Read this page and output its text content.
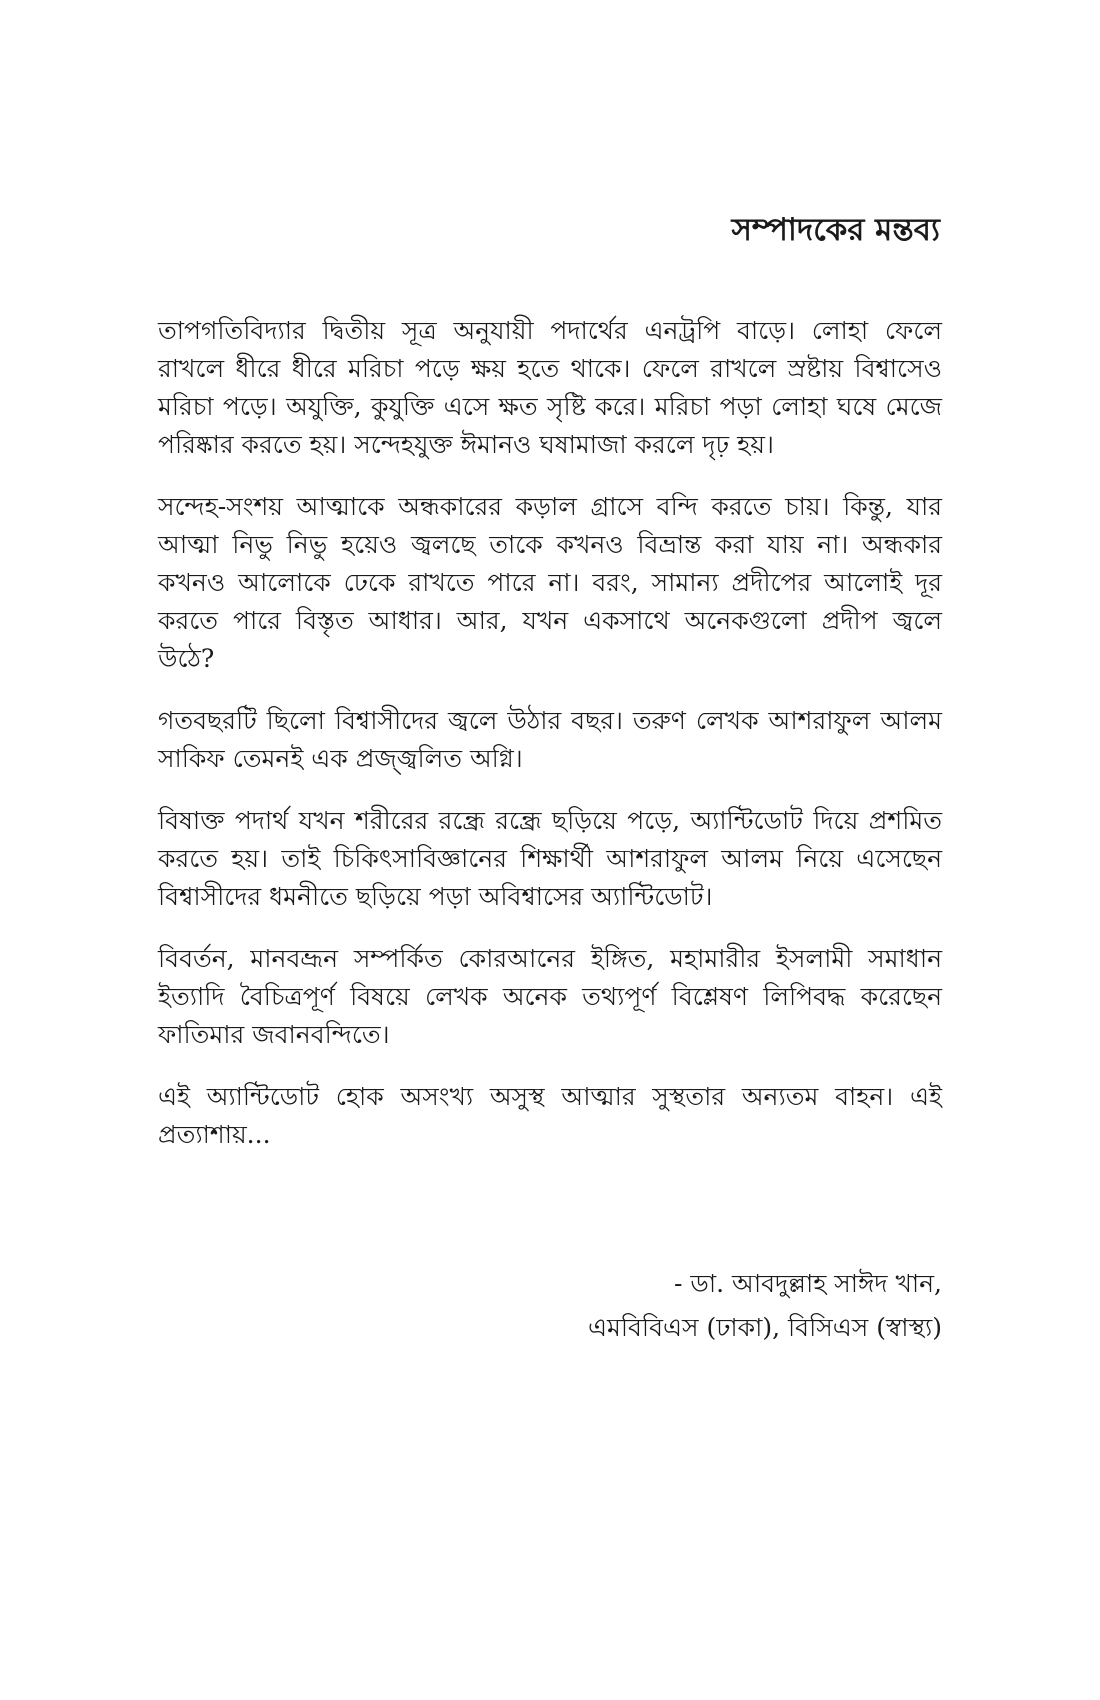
সম্পাদকের মন্তব্য

তাপগতিবিদ্যার দ্বিতীয় সূত্র অনুযায়ী পদার্থের এনট্রপি বাড়ে। লোহা ফেলে রাখলে ধীরে ধীরে মরিচা পড়ে ক্ষয় হতে থাকে। ফেলে রাখলে স্রষ্টায় বিশ্বাসেও মরিচা পড়ে। অযুক্তি, কুযুক্তি এসে ক্ষত সৃষ্টি করে। মরিচা পড়া লোহা ঘষে মেজে পরিষ্কার করতে হয়। সন্দেহযুক্ত ঈমানও ঘষামাজা করলে দৃঢ় হয়।

সন্দেহ-সংশয় আত্মাকে অন্ধকারের কড়াল গ্রাসে বন্দি করতে চায়। কিন্তু, যার আত্মা নিভু নিভু হয়েও জ্বলছে তাকে কখনও বিভ্রান্ত করা যায় না। অন্ধকার কখনও আলোকে ঢেকে রাখতে পারে না। বরং, সামান্য প্রদীপের আলোই দূর করতে পারে বিস্তৃত আধার। আর, যখন একসাথে অনেকগুলো প্রদীপ জ্বলে উঠে?

গতবছরটি ছিলো বিশ্বাসীদের জ্বলে উঠার বছর। তরুণ লেখক আশরাফুল আলম সাকিফ তেমনই এক প্রজ্জ্বলিত অগ্নি।

বিষাক্ত পদার্থ যখন শরীরের রন্ধ্রে রন্ধ্রে ছড়িয়ে পড়ে, অ্যান্টিডোট দিয়ে প্রশমিত করতে হয়। তাই চিকিৎসাবিজ্ঞানের শিক্ষার্থী আশরাফুল আলম নিয়ে এসেছেন বিশ্বাসীদের ধমনীতে ছড়িয়ে পড়া অবিশ্বাসের অ্যান্টিডোট।

বিবর্তন, মানবভ্রূন সম্পর্কিত কোরআনের ইঙ্গিত, মহামারীর ইসলামী সমাধান ইত্যাদি বৈচিত্রপূর্ণ বিষয়ে লেখক অনেক তথ্যপূর্ণ বিশ্লেষণ লিপিবদ্ধ করেছেন ফাতিমার জবানবন্দিতে।

এই অ্যান্টিডোট হোক অসংখ্য অসুস্থ আত্মার সুস্থতার অন্যতম বাহন। এই প্রত্যাশায়...

- ডা. আবদুল্লাহ সাঈদ খান,

এমবিবিএস (ঢাকা), বিসিএস (স্বাস্থ্য)
